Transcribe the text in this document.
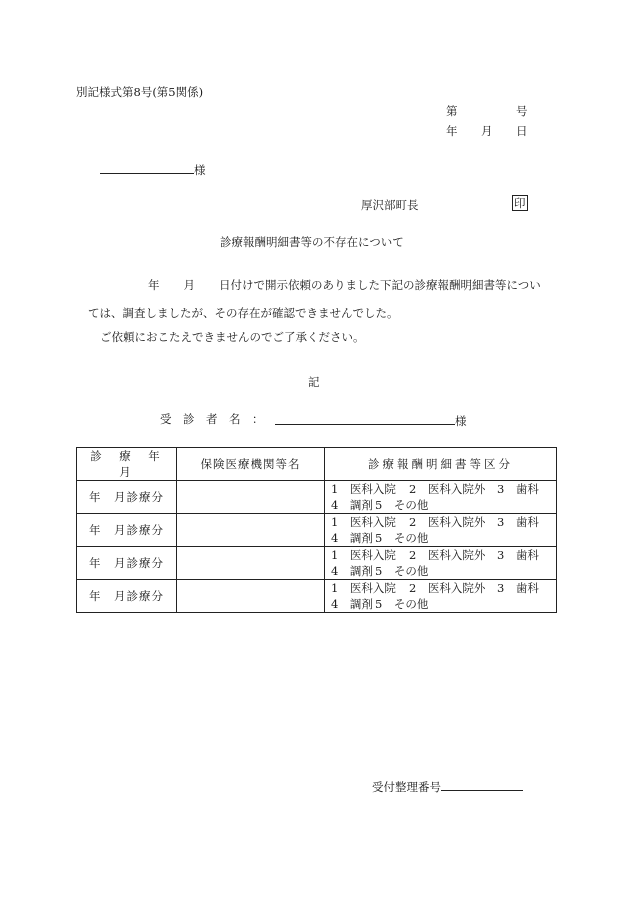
別記様式第8号(第5関係)
第	号
年 月 日
様
厚沢部町長	印
診療報酬明細書等の不存在について
年 月 日付けで開示依頼のありました下記の診療報酬明細書等につい
ては、調査しましたが、その存在が確認できませんでした。
ご依頼におこたえできませんのでご了承ください。
記
受　診　者　名　：	様
診　療　年　月	保険医療機関等名	診療報酬明細書等区分
年　月診療分		1　医科入院 2　医科入院外 3　歯科
4　調剤 5　その他

年　月診療分		1　医科入院 2　医科入院外 3　歯科
4　調剤 5　その他

年　月診療分		1　医科入院 2　医科入院外 3　歯科
4　調剤 5　その他

年　月診療分		1　医科入院 2　医科入院外 3　歯科
4　調剤 5　その他
受付整理番号
